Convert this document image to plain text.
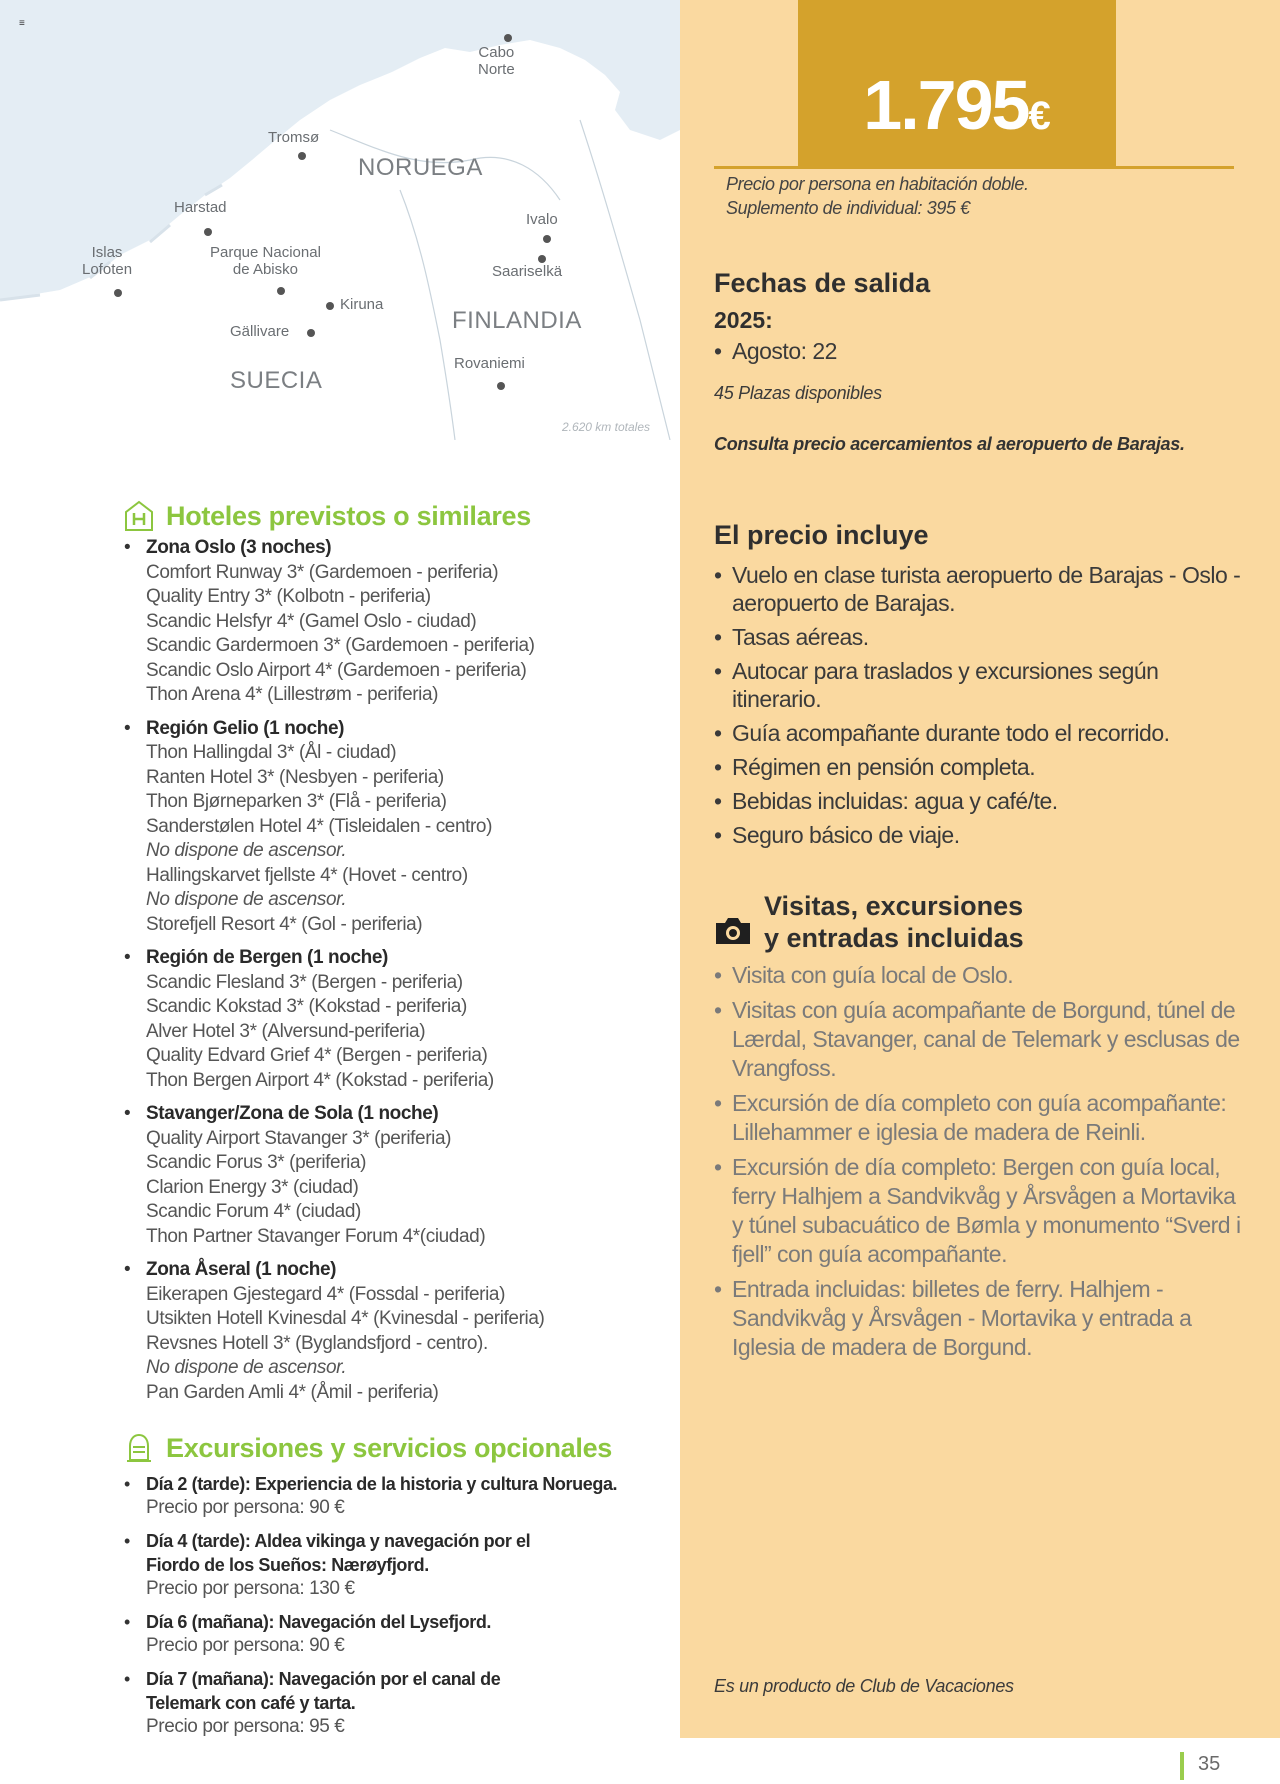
≡
Cabo
Norte
Tromsø
Harstad
Islas
Lofoten
Parque Nacional
de Abisko
Kiruna
Gällivare
Ivalo
Saariselkä
Rovaniemi
NORUEGA
FINLANDIA
SUECIA
2.620 km totales
1.795€
Precio por persona en habitación doble.
Suplemento de individual: 395 €
Fechas de salida
2025:
• Agosto: 22
45 Plazas disponibles
Consulta precio acercamientos al aeropuerto de Barajas.
El precio incluye
• Vuelo en clase turista aeropuerto de Barajas - Oslo - aeropuerto de Barajas.
• Tasas aéreas.
• Autocar para traslados y excursiones según itinerario.
• Guía acompañante durante todo el recorrido.
• Régimen en pensión completa.
• Bebidas incluidas: agua y café/te.
• Seguro básico de viaje.
Visitas, excursiones
y entradas incluidas
• Visita con guía local de Oslo.
• Visitas con guía acompañante de Borgund, túnel de Lærdal, Stavanger, canal de Telemark y esclusas de Vrangfoss.
• Excursión de día completo con guía acompañante: Lillehammer e iglesia de madera de Reinli.
• Excursión de día completo: Bergen con guía local, ferry Halhjem a Sandvikvåg y Årsvågen a Mortavika y túnel subacuático de Bømla y monumento “Sverd i fjell” con guía acompañante.
• Entrada incluidas: billetes de ferry. Halhjem - Sandvikvåg y Årsvågen - Mortavika y entrada a Iglesia de madera de Borgund.
Es un producto de Club de Vacaciones
35
Hoteles previstos o similares
• Zona Oslo (3 noches)
Comfort Runway 3* (Gardemoen - periferia)
Quality Entry 3* (Kolbotn - periferia)
Scandic Helsfyr 4* (Gamel Oslo - ciudad)
Scandic Gardermoen 3* (Gardemoen - periferia)
Scandic Oslo Airport 4* (Gardemoen - periferia)
Thon Arena 4* (Lillestrøm - periferia)
• Región Gelio (1 noche)
Thon Hallingdal 3* (Ål - ciudad)
Ranten Hotel 3* (Nesbyen - periferia)
Thon Bjørneparken 3* (Flå - periferia)
Sanderstølen Hotel 4* (Tisleidalen - centro)
No dispone de ascensor.
Hallingskarvet fjellste 4* (Hovet - centro)
No dispone de ascensor.
Storefjell Resort 4* (Gol - periferia)
• Región de Bergen (1 noche)
Scandic Flesland 3* (Bergen - periferia)
Scandic Kokstad 3* (Kokstad - periferia)
Alver Hotel 3* (Alversund-periferia)
Quality Edvard Grief 4* (Bergen - periferia)
Thon Bergen Airport 4* (Kokstad - periferia)
• Stavanger/Zona de Sola (1 noche)
Quality Airport Stavanger 3* (periferia)
Scandic Forus 3* (periferia)
Clarion Energy 3* (ciudad)
Scandic Forum 4* (ciudad)
Thon Partner Stavanger Forum 4*(ciudad)
• Zona Åseral (1 noche)
Eikerapen Gjestegard 4* (Fossdal - periferia)
Utsikten Hotell Kvinesdal 4* (Kvinesdal - periferia)
Revsnes Hotell 3* (Byglandsfjord - centro).
No dispone de ascensor.
Pan Garden Amli 4* (Åmil - periferia)
Excursiones y servicios opcionales
• Día 2 (tarde): Experiencia de la historia y cultura Noruega.
Precio por persona: 90 €
• Día 4 (tarde): Aldea vikinga y navegación por el Fiordo de los Sueños: Nærøyfjord.
Precio por persona: 130 €
• Día 6 (mañana): Navegación del Lysefjord.
Precio por persona: 90 €
• Día 7 (mañana): Navegación por el canal de Telemark con café y tarta.
Precio por persona: 95 €
